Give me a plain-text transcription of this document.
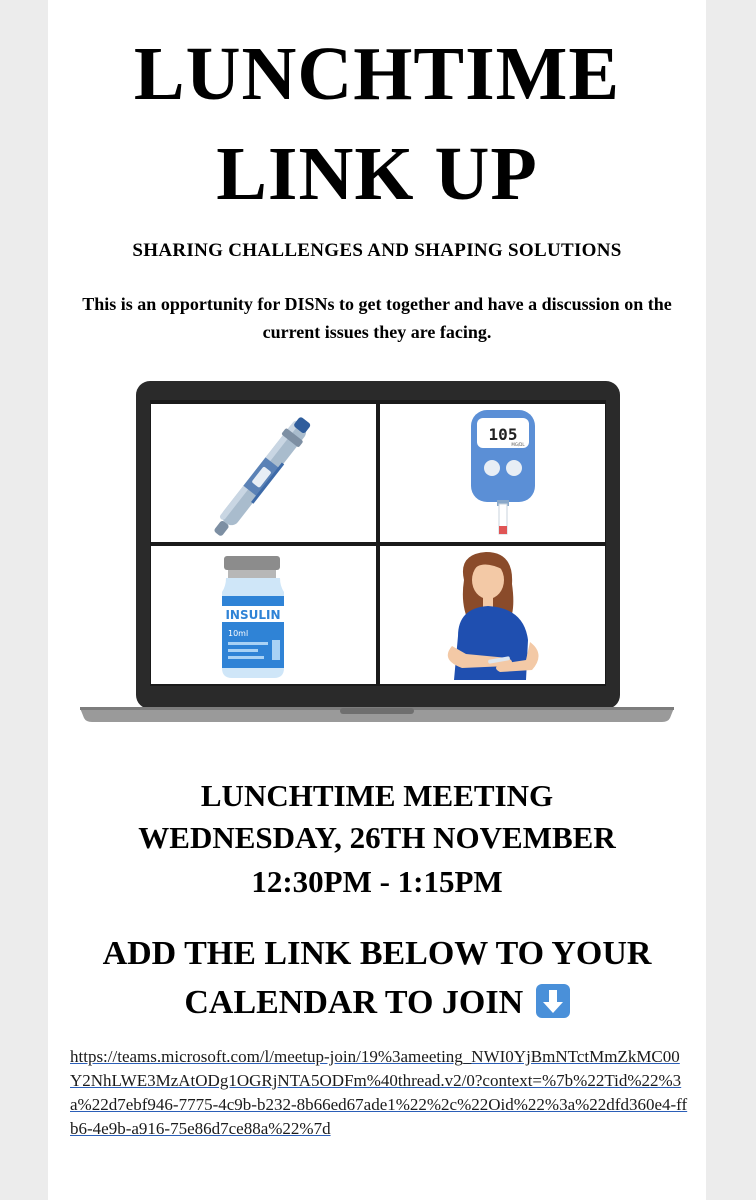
LUNCHTIME
LINK UP
SHARING CHALLENGES AND SHAPING SOLUTIONS
This is an opportunity for DISNs to get together and have a discussion on the current issues they are facing.
105
MG/DL
INSULIN
10ml
LUNCHTIME MEETING
WEDNESDAY, 26TH NOVEMBER
12:30PM - 1:15PM
ADD THE LINK BELOW TO YOUR
CALENDAR TO JOIN
https://teams.microsoft.com/l/meetup-join/19%3ameeting_NWI0YjBmNTctMmZkMC00Y2NhLWE3MzAtODg1OGRjNTA5ODFm%40thread.v2/0?context=%7b%22Tid%22%3a%22d7ebf946-7775-4c9b-b232-8b66ed67ade1%22%2c%22Oid%22%3a%22dfd360e4-ffb6-4e9b-a916-75e86d7ce88a%22%7d
